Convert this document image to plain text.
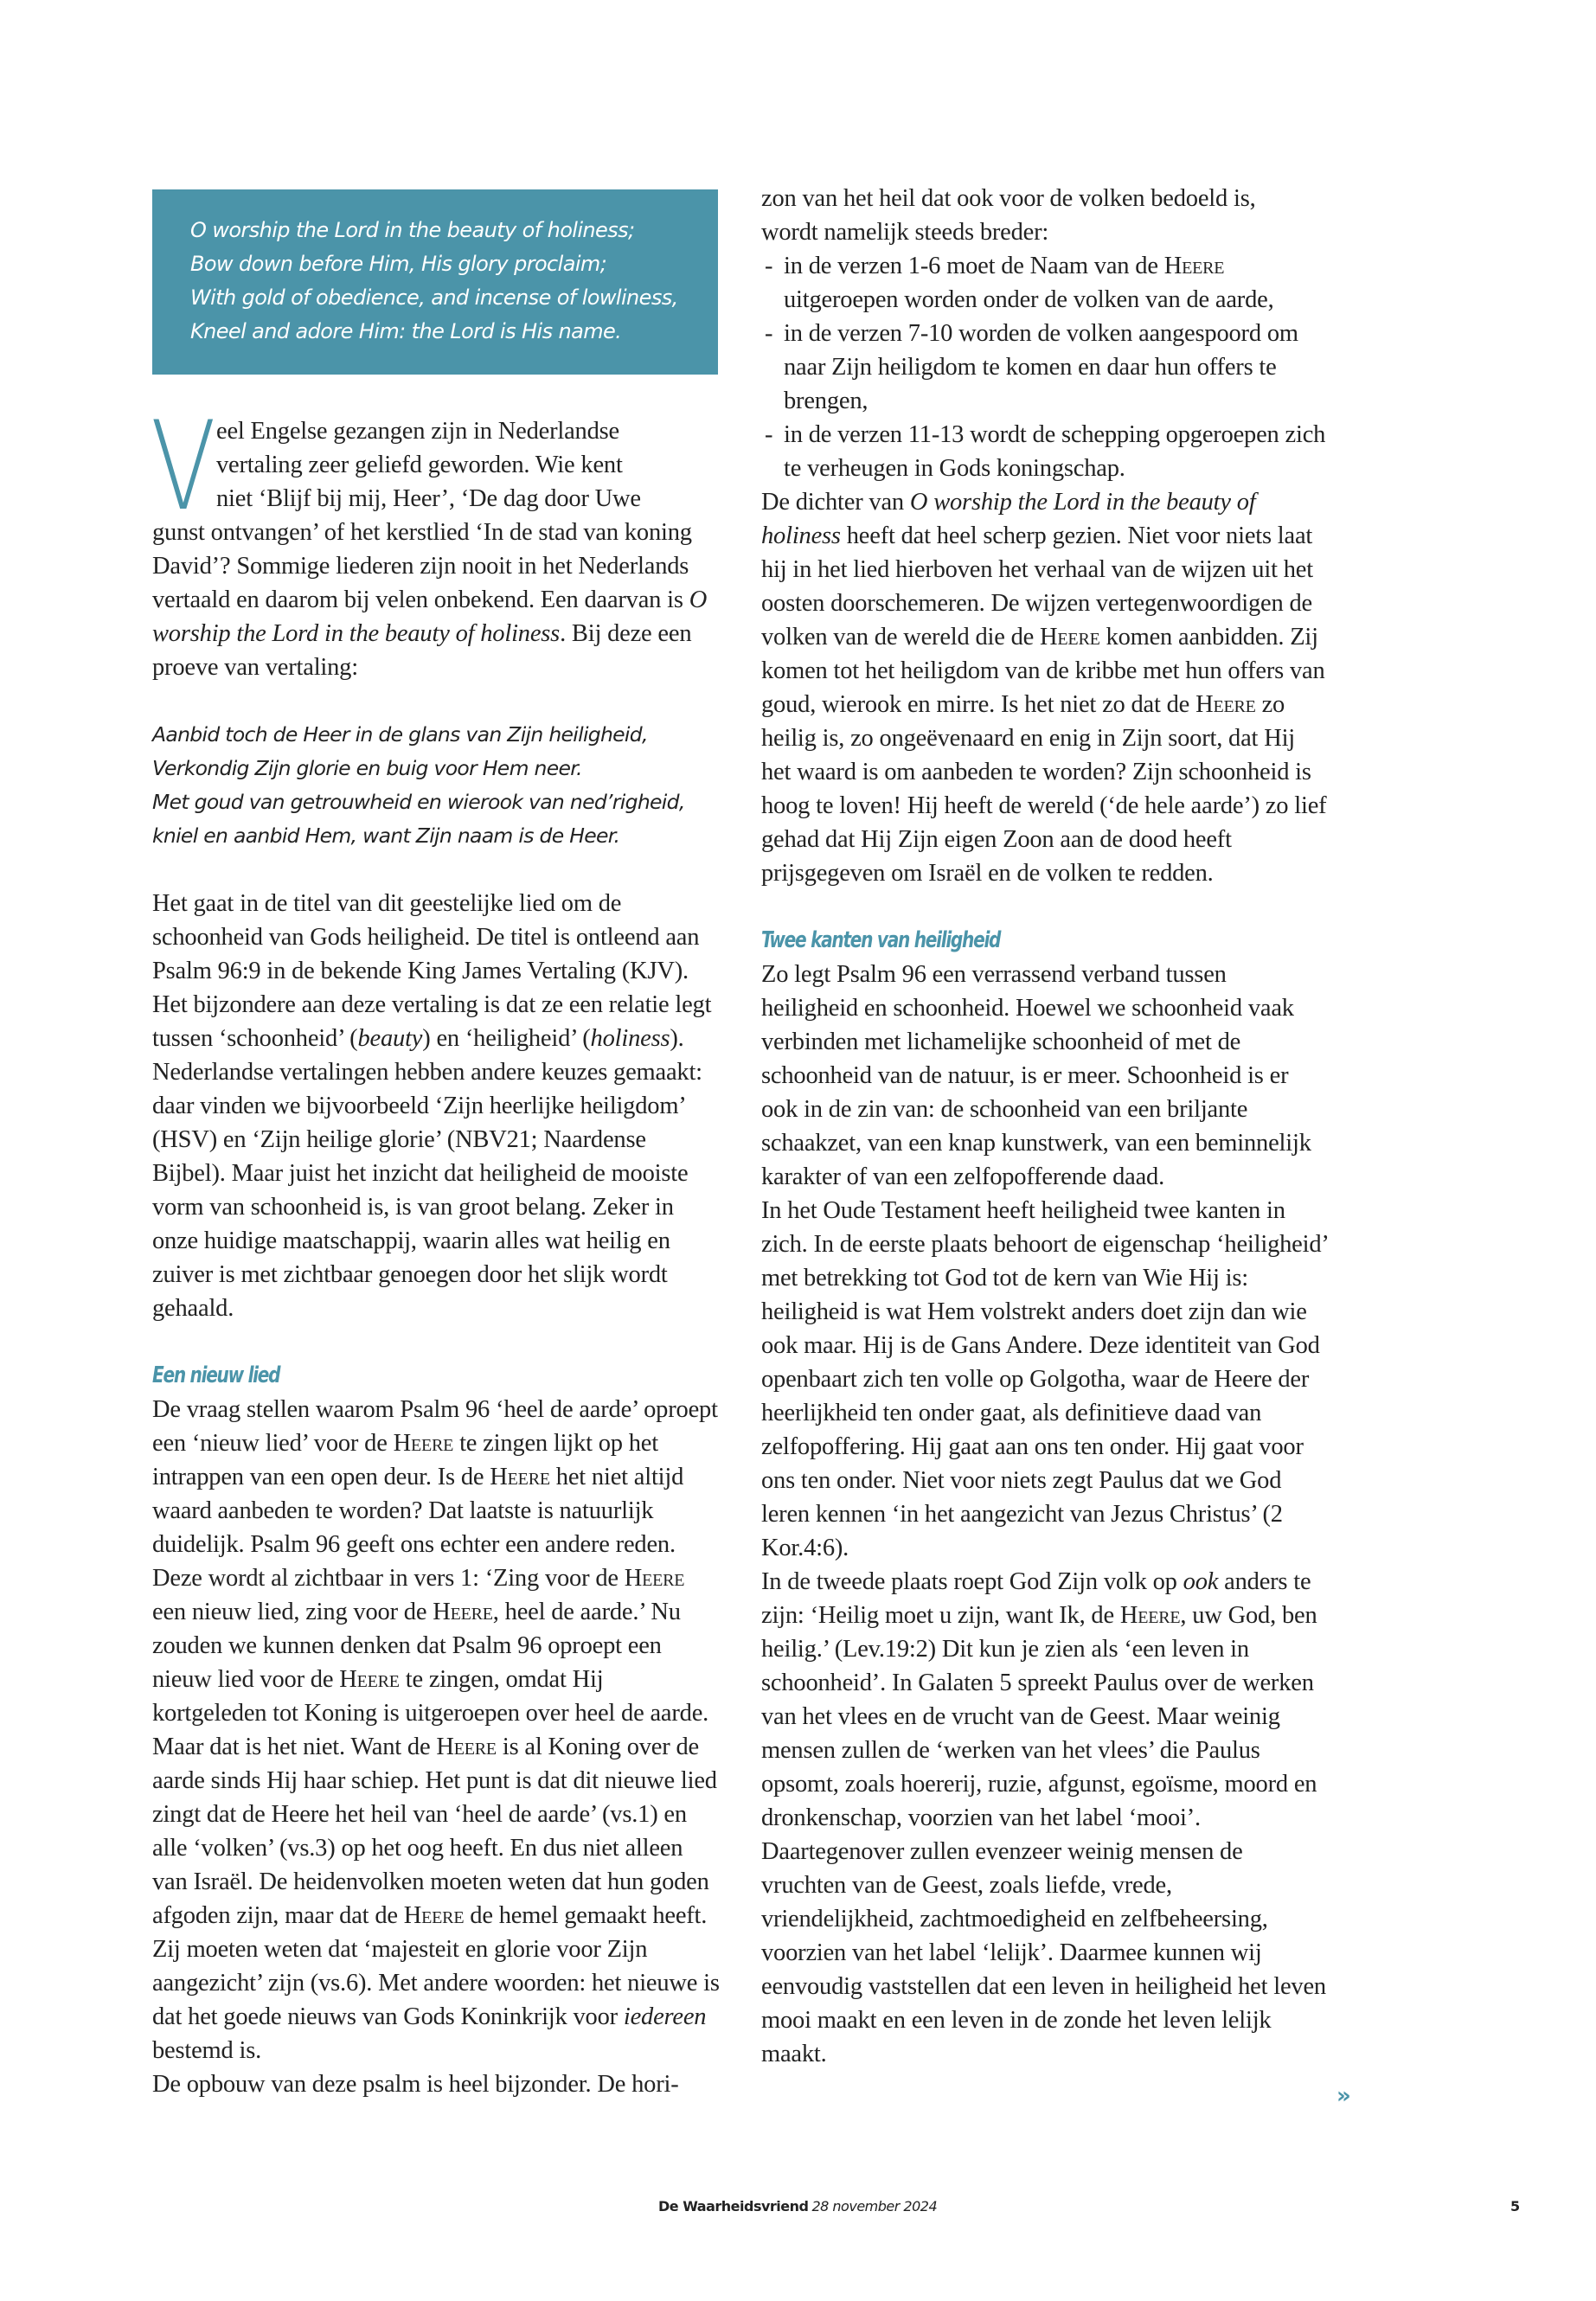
O worship the Lord in the beauty of holiness;
Bow down before Him, His glory proclaim;
With gold of obedience, and incense of lowliness,
Kneel and adore Him: the Lord is His name.
V eel Engelse gezangen zijn in Nederlandse
vertaling zeer geliefd geworden. Wie kent
niet ‘Blijf bij mij, Heer’, ‘De dag door Uwe

gunst ontvangen’ of het kerstlied ‘In de stad van koning David’? Sommige liederen zijn nooit in het Nederlands vertaald en daarom bij velen onbekend. Een daarvan is O worship the Lord in the beauty of holiness. Bij deze een proeve van vertaling:

Aanbid toch de Heer in de glans van Zijn heiligheid,
Verkondig Zijn glorie en buig voor Hem neer.
Met goud van getrouwheid en wierook van ned’righeid,
kniel en aanbid Hem, want Zijn naam is de Heer.

Het gaat in de titel van dit geestelijke lied om de schoonheid van Gods heiligheid. De titel is ontleend aan Psalm 96:9 in de bekende King James Vertaling (KJV). Het bijzondere aan deze vertaling is dat ze een relatie legt tussen ‘schoonheid’ (beauty) en ‘heiligheid’ (holiness). Nederlandse vertalingen hebben andere keuzes gemaakt: daar vinden we bijvoorbeeld ‘Zijn heerlijke heiligdom’ (HSV) en ‘Zijn heilige glorie’ (NBV21; Naardense Bijbel). Maar juist het inzicht dat heiligheid de mooiste vorm van schoonheid is, is van groot belang. Zeker in onze huidige maatschappij, waarin alles wat heilig en zuiver is met zichtbaar genoegen door het slijk wordt gehaald.

Een nieuw lied

De vraag stellen waarom Psalm 96 ‘heel de aarde’ oproept een ‘nieuw lied’ voor de Heere te zingen lijkt op het intrappen van een open deur. Is de Heere het niet altijd waard aanbeden te worden? Dat laatste is natuurlijk duidelijk. Psalm 96 geeft ons echter een andere reden. Deze wordt al zichtbaar in vers 1: ‘Zing voor de Heere een nieuw lied, zing voor de Heere, heel de aarde.’ Nu zouden we kunnen denken dat Psalm 96 oproept een nieuw lied voor de Heere te zingen, omdat Hij kortgeleden tot Koning is uitgeroepen over heel de aarde. Maar dat is het niet. Want de Heere is al Koning over de aarde sinds Hij haar schiep. Het punt is dat dit nieuwe lied zingt dat de Heere het heil van ‘heel de aarde’ (vs.1) en alle ‘volken’ (vs.3) op het oog heeft. En dus niet alleen van Israël. De heidenvolken moeten weten dat hun goden afgoden zijn, maar dat de Heere de hemel gemaakt heeft. Zij moeten weten dat ‘majesteit en glorie voor Zijn aangezicht’ zijn (vs.6). Met andere woorden: het nieuwe is dat het goede nieuws van Gods Koninkrijk voor iedereen bestemd is.

De opbouw van deze psalm is heel bijzonder. De hori-

zon van het heil dat ook voor de volken bedoeld is,
wordt namelijk steeds breder:
- in de verzen 1-6 moet de Naam van de Heere uitgeroepen worden onder de volken van de aarde,
- in de verzen 7-10 worden de volken aangespoord om naar Zijn heiligdom te komen en daar hun offers te brengen,
- in de verzen 11-13 wordt de schepping opgeroepen zich te verheugen in Gods koningschap.

De dichter van O worship the Lord in the beauty of holiness heeft dat heel scherp gezien. Niet voor niets laat hij in het lied hierboven het verhaal van de wijzen uit het oosten doorschemeren. De wijzen vertegenwoordigen de volken van de wereld die de Heere komen aanbidden. Zij komen tot het heiligdom van de kribbe met hun offers van goud, wierook en mirre. Is het niet zo dat de Heere zo heilig is, zo ongeëvenaard en enig in Zijn soort, dat Hij het waard is om aanbeden te worden? Zijn schoonheid is hoog te loven! Hij heeft de wereld (‘de hele aarde’) zo lief gehad dat Hij Zijn eigen Zoon aan de dood heeft prijsgegeven om Israël en de volken te redden.

Twee kanten van heiligheid

Zo legt Psalm 96 een verrassend verband tussen heiligheid en schoonheid. Hoewel we schoonheid vaak verbinden met lichamelijke schoonheid of met de schoonheid van de natuur, is er meer. Schoonheid is er ook in de zin van: de schoonheid van een briljante schaakzet, van een knap kunstwerk, van een beminnelijk karakter of van een zelfopofferende daad.

In het Oude Testament heeft heiligheid twee kanten in zich. In de eerste plaats behoort de eigenschap ‘heiligheid’ met betrekking tot God tot de kern van Wie Hij is: heiligheid is wat Hem volstrekt anders doet zijn dan wie ook maar. Hij is de Gans Andere. Deze identiteit van God openbaart zich ten volle op Golgotha, waar de Heere der heerlijkheid ten onder gaat, als definitieve daad van zelfopoffering. Hij gaat aan ons ten onder. Hij gaat voor ons ten onder. Niet voor niets zegt Paulus dat we God leren kennen ‘in het aangezicht van Jezus Christus’ (2 Kor.4:6).

In de tweede plaats roept God Zijn volk op ook anders te zijn: ‘Heilig moet u zijn, want Ik, de Heere, uw God, ben heilig.’ (Lev.19:2) Dit kun je zien als ‘een leven in schoonheid’. In Galaten 5 spreekt Paulus over de werken van het vlees en de vrucht van de Geest. Maar weinig mensen zullen de ‘werken van het vlees’ die Paulus opsomt, zoals hoererij, ruzie, afgunst, egoïsme, moord en dronkenschap, voorzien van het label ‘mooi’. Daartegenover zullen evenzeer weinig mensen de vruchten van de Geest, zoals liefde, vrede, vriendelijkheid, zachtmoedigheid en zelfbeheersing, voorzien van het label ‘lelijk’. Daarmee kunnen wij eenvoudig vaststellen dat een leven in heiligheid het leven mooi maakt en een leven in de zonde het leven lelijk maakt.

»
De Waarheidsvriend 28 november 2024	5
